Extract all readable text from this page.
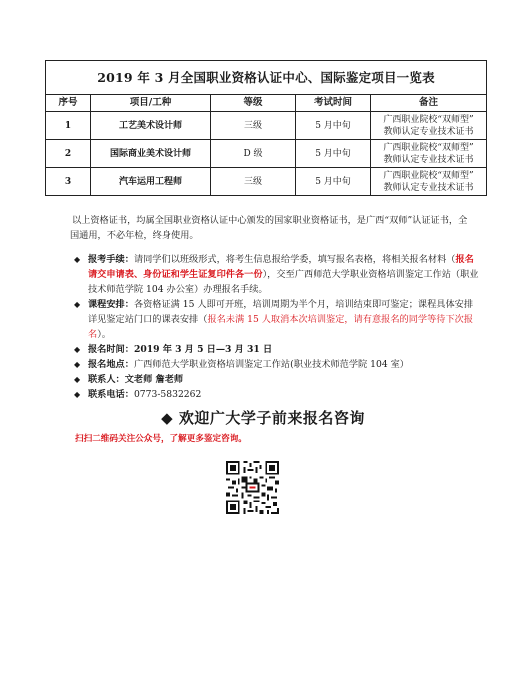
2019 年 3 月全国职业资格认证中心、国际鉴定项目一览表				
序号	项目/工种	等级	考试时间	备注
1	工艺美术设计师	三级	5 月中旬	广西职业院校“双师型”
教师认定专业技术证书
2	国际商业美术设计师	D 级	5 月中旬	广西职业院校“双师型”
教师认定专业技术证书
3	汽车运用工程师	三级	5 月中旬	广西职业院校“双师型”
教师认定专业技术证书
以上资格证书，均属全国职业资格认证中心颁发的国家职业资格证书，是广西“双师”认证证书，全国通用，不必年检，终身使用。
◆ 报考手续：请同学们以班级形式，将考生信息报给学委，填写报名表格，将相关报名材料（报名请交申请表、身份证和学生证复印件各一份），交至广西师范大学职业资格培训鉴定工作站（职业技术师范学院 104 办公室）办理报名手续。
◆ 课程安排：各资格证满 15 人即可开班，培训周期为半个月，培训结束即可鉴定；课程具体安排详见鉴定站门口的课表安排（报名未满 15 人取消本次培训鉴定，请有意报名的同学等待下次报名）。
◆ 报名时间：2019 年 3 月 5 日—3 月 31 日
◆ 报名地点：广西师范大学职业资格培训鉴定工作站(职业技术师范学院 104 室）
◆ 联系人：文老师 詹老师
◆ 联系电话：0773-5832262
◆ 欢迎广大学子前来报名咨询
扫扫二维码关注公众号，了解更多鉴定咨询。
